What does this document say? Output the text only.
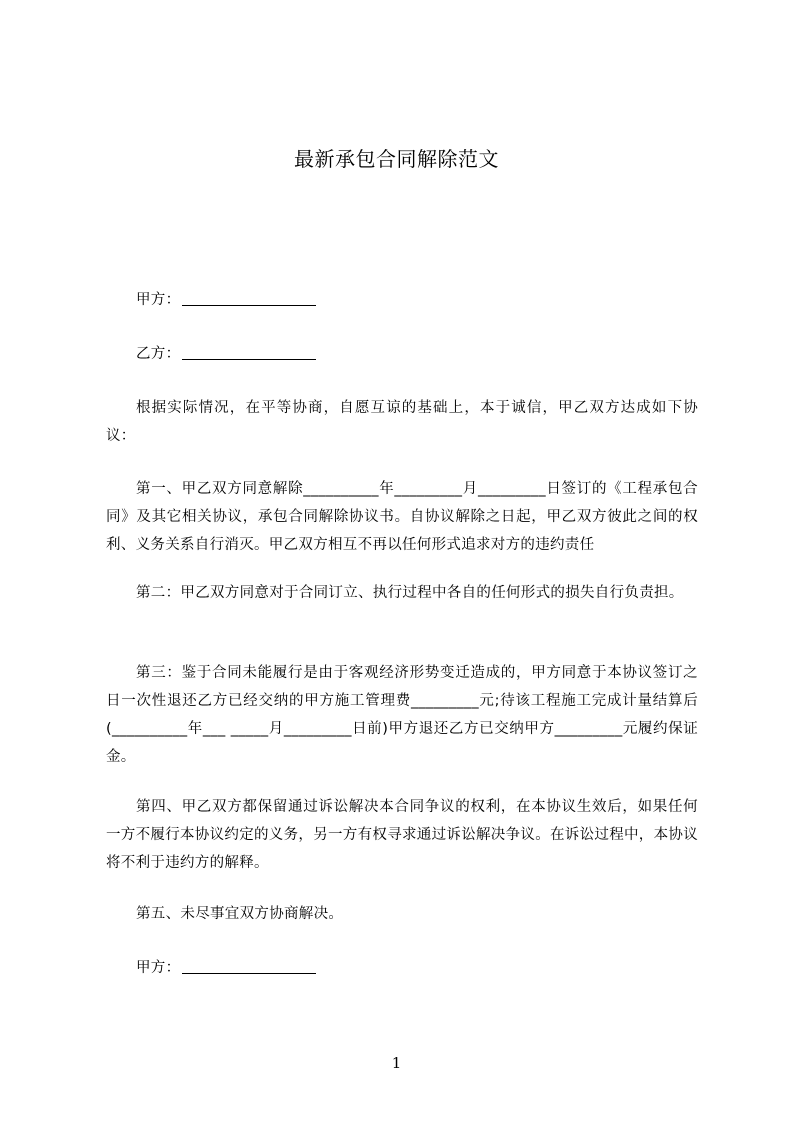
最新承包合同解除范文
甲方：
乙方：
根据实际情况，在平等协商，自愿互谅的基础上，本于诚信，甲乙双方达成如下协议：
第一、甲乙双方同意解除__________年_________月_________日签订的《工程承包合同》及其它相关协议，承包合同解除协议书。自协议解除之日起，甲乙双方彼此之间的权利、义务关系自行消灭。甲乙双方相互不再以任何形式追求对方的违约责任
第二：甲乙双方同意对于合同订立、执行过程中各自的任何形式的损失自行负责担。
第三：鉴于合同未能履行是由于客观经济形势变迁造成的，甲方同意于本协议签订之日一次性退还乙方已经交纳的甲方施工管理费_________元;待该工程施工完成计量结算后(__________年___ _____月_________日前)甲方退还乙方已交纳甲方_________元履约保证金。
第四、甲乙双方都保留通过诉讼解决本合同争议的权利，在本协议生效后，如果任何一方不履行本协议约定的义务，另一方有权寻求通过诉讼解决争议。在诉讼过程中，本协议将不利于违约方的解释。
第五、未尽事宜双方协商解决。
甲方：
1
